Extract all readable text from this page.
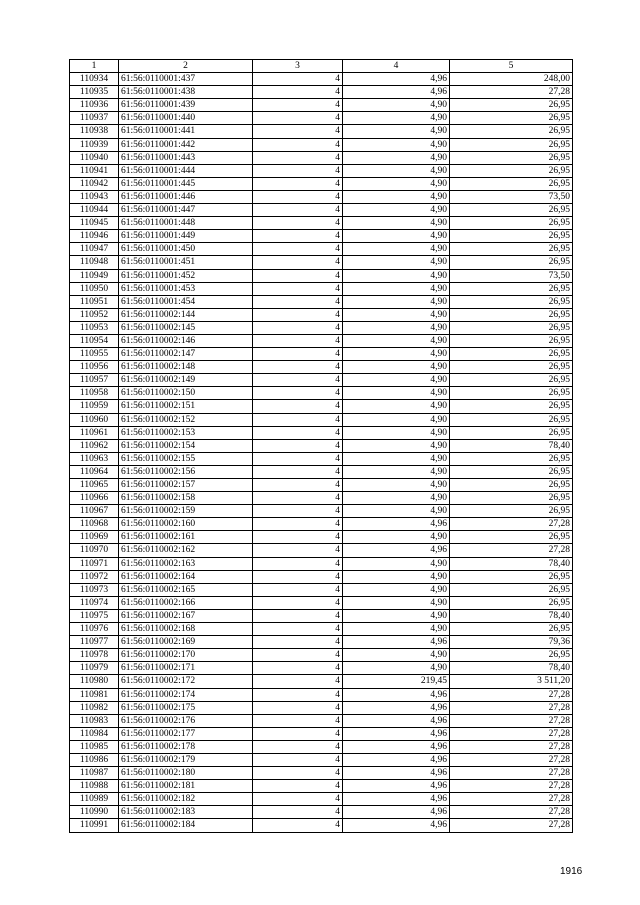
1	2	3	4	5
110934	61:56:0110001:437	4	4,96	248,00
110935	61:56:0110001:438	4	4,96	27,28
110936	61:56:0110001:439	4	4,90	26,95
110937	61:56:0110001:440	4	4,90	26,95
110938	61:56:0110001:441	4	4,90	26,95
110939	61:56:0110001:442	4	4,90	26,95
110940	61:56:0110001:443	4	4,90	26,95
110941	61:56:0110001:444	4	4,90	26,95
110942	61:56:0110001:445	4	4,90	26,95
110943	61:56:0110001:446	4	4,90	73,50
110944	61:56:0110001:447	4	4,90	26,95
110945	61:56:0110001:448	4	4,90	26,95
110946	61:56:0110001:449	4	4,90	26,95
110947	61:56:0110001:450	4	4,90	26,95
110948	61:56:0110001:451	4	4,90	26,95
110949	61:56:0110001:452	4	4,90	73,50
110950	61:56:0110001:453	4	4,90	26,95
110951	61:56:0110001:454	4	4,90	26,95
110952	61:56:0110002:144	4	4,90	26,95
110953	61:56:0110002:145	4	4,90	26,95
110954	61:56:0110002:146	4	4,90	26,95
110955	61:56:0110002:147	4	4,90	26,95
110956	61:56:0110002:148	4	4,90	26,95
110957	61:56:0110002:149	4	4,90	26,95
110958	61:56:0110002:150	4	4,90	26,95
110959	61:56:0110002:151	4	4,90	26,95
110960	61:56:0110002:152	4	4,90	26,95
110961	61:56:0110002:153	4	4,90	26,95
110962	61:56:0110002:154	4	4,90	78,40
110963	61:56:0110002:155	4	4,90	26,95
110964	61:56:0110002:156	4	4,90	26,95
110965	61:56:0110002:157	4	4,90	26,95
110966	61:56:0110002:158	4	4,90	26,95
110967	61:56:0110002:159	4	4,90	26,95
110968	61:56:0110002:160	4	4,96	27,28
110969	61:56:0110002:161	4	4,90	26,95
110970	61:56:0110002:162	4	4,96	27,28
110971	61:56:0110002:163	4	4,90	78,40
110972	61:56:0110002:164	4	4,90	26,95
110973	61:56:0110002:165	4	4,90	26,95
110974	61:56:0110002:166	4	4,90	26,95
110975	61:56:0110002:167	4	4,90	78,40
110976	61:56:0110002:168	4	4,90	26,95
110977	61:56:0110002:169	4	4,96	79,36
110978	61:56:0110002:170	4	4,90	26,95
110979	61:56:0110002:171	4	4,90	78,40
110980	61:56:0110002:172	4	219,45	3 511,20
110981	61:56:0110002:174	4	4,96	27,28
110982	61:56:0110002:175	4	4,96	27,28
110983	61:56:0110002:176	4	4,96	27,28
110984	61:56:0110002:177	4	4,96	27,28
110985	61:56:0110002:178	4	4,96	27,28
110986	61:56:0110002:179	4	4,96	27,28
110987	61:56:0110002:180	4	4,96	27,28
110988	61:56:0110002:181	4	4,96	27,28
110989	61:56:0110002:182	4	4,96	27,28
110990	61:56:0110002:183	4	4,96	27,28
110991	61:56:0110002:184	4	4,96	27,28
1916
